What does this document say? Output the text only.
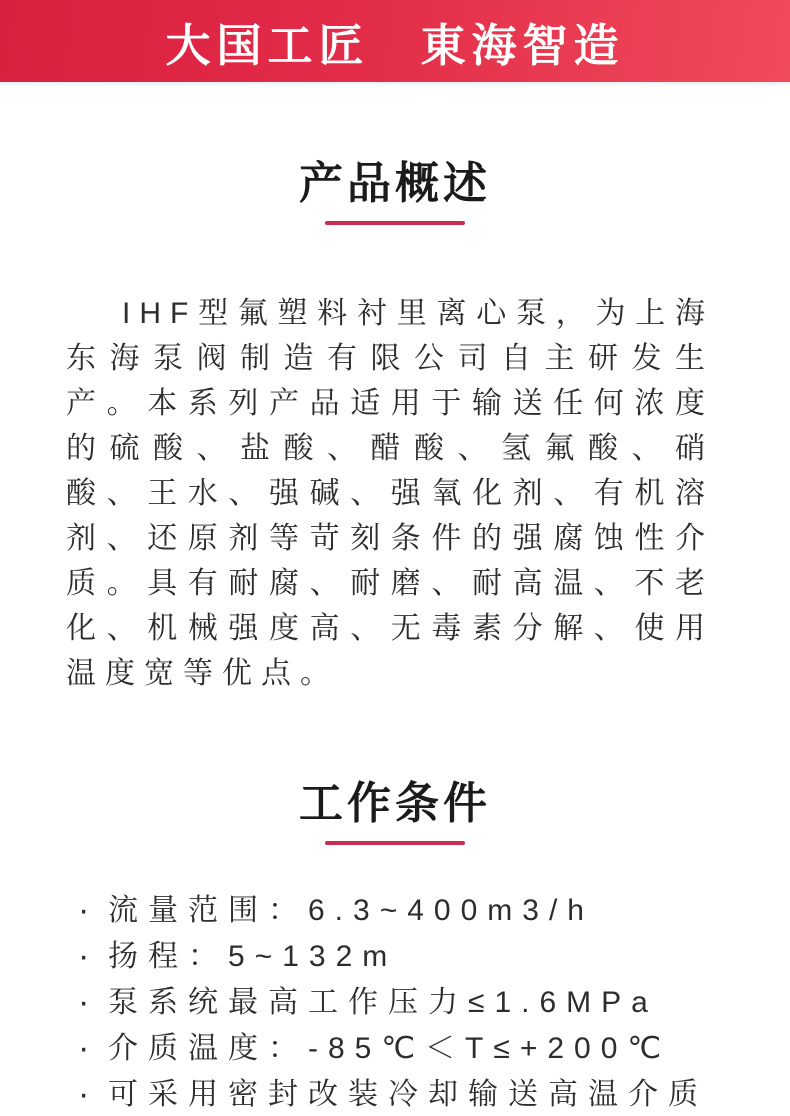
大国工匠　東海智造
产品概述

IHF型氟塑料衬里离心泵，为上海东海泵阀制造有限公司自主研发生产。本系列产品适用于输送任何浓度的硫酸、盐酸、醋酸、氢氟酸、硝酸、王水、强碱、强氧化剂、有机溶剂、还原剂等苛刻条件的强腐蚀性介质。具有耐腐、耐磨、耐高温、不老化、机械强度高、无毒素分解、使用温度宽等优点。

工作条件
· 流量范围：6.3~400m3/h
· 扬程：5~132m
· 泵系统最高工作压力≤1.6MPa
· 介质温度：-85℃＜T≤+200℃
· 可采用密封改装冷却输送高温介质
